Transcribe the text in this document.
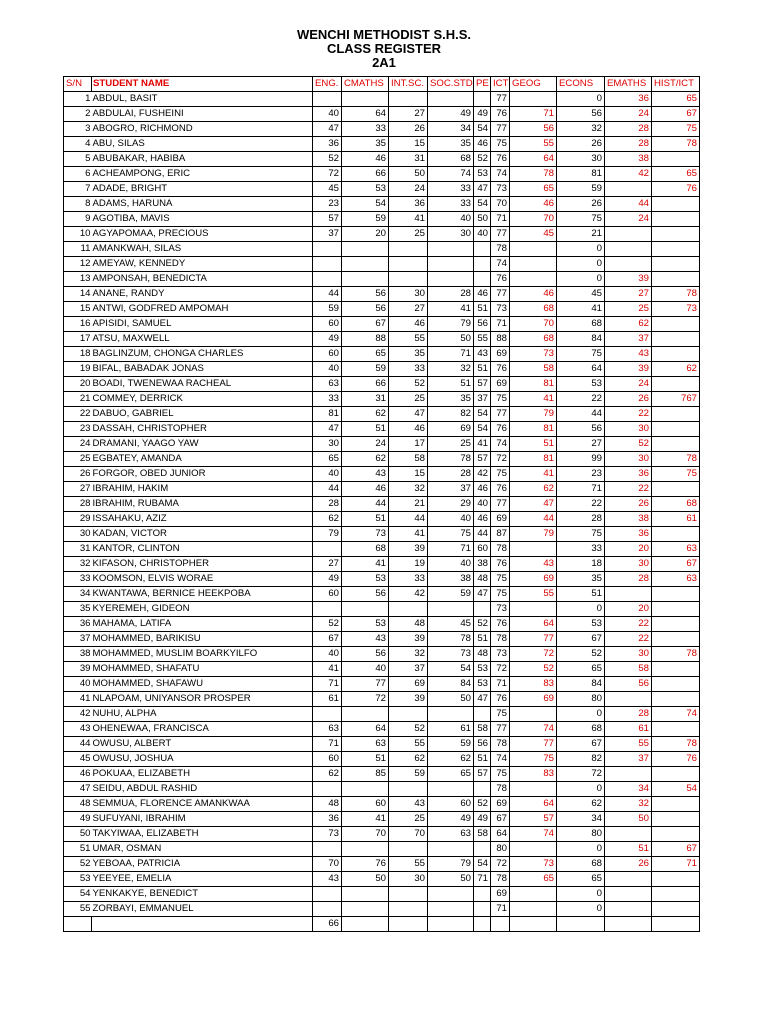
WENCHI METHODIST S.H.S.
CLASS REGISTER
2A1
S/N	STUDENT NAME	ENG.	CMATHS	INT.SC.	SOC.STD	PE	ICT	GEOG	ECONS	EMATHS	HIST/ICT
1	ABDUL, BASIT						77		0	36	65
2	ABDULAI, FUSHEINI	40	64	27	49	49	76	71	56	24	67
3	ABOGRO, RICHMOND	47	33	26	34	54	77	56	32	28	75
4	ABU, SILAS	36	35	15	35	46	75	55	26	28	78
5	ABUBAKAR, HABIBA	52	46	31	68	52	76	64	30	38	
6	ACHEAMPONG, ERIC	72	66	50	74	53	74	78	81	42	65
7	ADADE, BRIGHT	45	53	24	33	47	73	65	59		76
8	ADAMS, HARUNA	23	54	36	33	54	70	46	26	44	
9	AGOTIBA, MAVIS	57	59	41	40	50	71	70	75	24	
10	AGYAPOMAA, PRECIOUS	37	20	25	30	40	77	45	21		
11	AMANKWAH, SILAS						78		0		
12	AMEYAW, KENNEDY						74		0		
13	AMPONSAH, BENEDICTA						76		0	39	
14	ANANE, RANDY	44	56	30	28	46	77	46	45	27	78
15	ANTWI, GODFRED AMPOMAH	59	56	27	41	51	73	68	41	25	73
16	APISIDI, SAMUEL	60	67	46	79	56	71	70	68	62	
17	ATSU, MAXWELL	49	88	55	50	55	88	68	84	37	
18	BAGLINZUM, CHONGA CHARLES	60	65	35	71	43	69	73	75	43	
19	BIFAL, BABADAK JONAS	40	59	33	32	51	76	58	64	39	62
20	BOADI, TWENEWAA RACHEAL	63	66	52	51	57	69	81	53	24	
21	COMMEY, DERRICK	33	31	25	35	37	75	41	22	26	767
22	DABUO, GABRIEL	81	62	47	82	54	77	79	44	22	
23	DASSAH, CHRISTOPHER	47	51	46	69	54	76	81	56	30	
24	DRAMANI, YAAGO YAW	30	24	17	25	41	74	51	27	52	
25	EGBATEY, AMANDA	65	62	58	78	57	72	81	99	30	78
26	FORGOR, OBED JUNIOR	40	43	15	28	42	75	41	23	36	75
27	IBRAHIM, HAKIM	44	46	32	37	46	76	62	71	22	
28	IBRAHIM, RUBAMA	28	44	21	29	40	77	47	22	26	68
29	ISSAHAKU, AZIZ	62	51	44	40	46	69	44	28	38	61
30	KADAN, VICTOR	79	73	41	75	44	87	79	75	36	
31	KANTOR, CLINTON		68	39	71	60	78		33	20	63
32	KIFASON, CHRISTOPHER	27	41	19	40	38	76	43	18	30	67
33	KOOMSON, ELVIS WORAE	49	53	33	38	48	75	69	35	28	63
34	KWANTAWA, BERNICE HEEKPOBA	60	56	42	59	47	75	55	51		
35	KYEREMEH, GIDEON						73		0	20	
36	MAHAMA, LATIFA	52	53	48	45	52	76	64	53	22	
37	MOHAMMED, BARIKISU	67	43	39	78	51	78	77	67	22	
38	MOHAMMED, MUSLIM BOARKYILFO	40	56	32	73	48	73	72	52	30	78
39	MOHAMMED, SHAFATU	41	40	37	54	53	72	52	65	58	
40	MOHAMMED, SHAFAWU	71	77	69	84	53	71	83	84	56	
41	NLAPOAM, UNIYANSOR PROSPER	61	72	39	50	47	76	69	80		
42	NUHU, ALPHA						75		0	28	74
43	OHENEWAA, FRANCISCA	63	64	52	61	58	77	74	68	61	
44	OWUSU, ALBERT	71	63	55	59	56	78	77	67	55	78
45	OWUSU, JOSHUA	60	51	62	62	51	74	75	82	37	76
46	POKUAA, ELIZABETH	62	85	59	65	57	75	83	72		
47	SEIDU, ABDUL RASHID						78		0	34	54
48	SEMMUA, FLORENCE AMANKWAA	48	60	43	60	52	69	64	62	32	
49	SUFUYANI, IBRAHIM	36	41	25	49	49	67	57	34	50	
50	TAKYIWAA, ELIZABETH	73	70	70	63	58	64	74	80		
51	UMAR, OSMAN						80		0	51	67
52	YEBOAA, PATRICIA	70	76	55	79	54	72	73	68	26	71
53	YEEYEE, EMELIA	43	50	30	50	71	78	65	65		
54	YENKAKYE, BENEDICT						69		0		
55	ZORBAYI, EMMANUEL						71		0		
		66									
